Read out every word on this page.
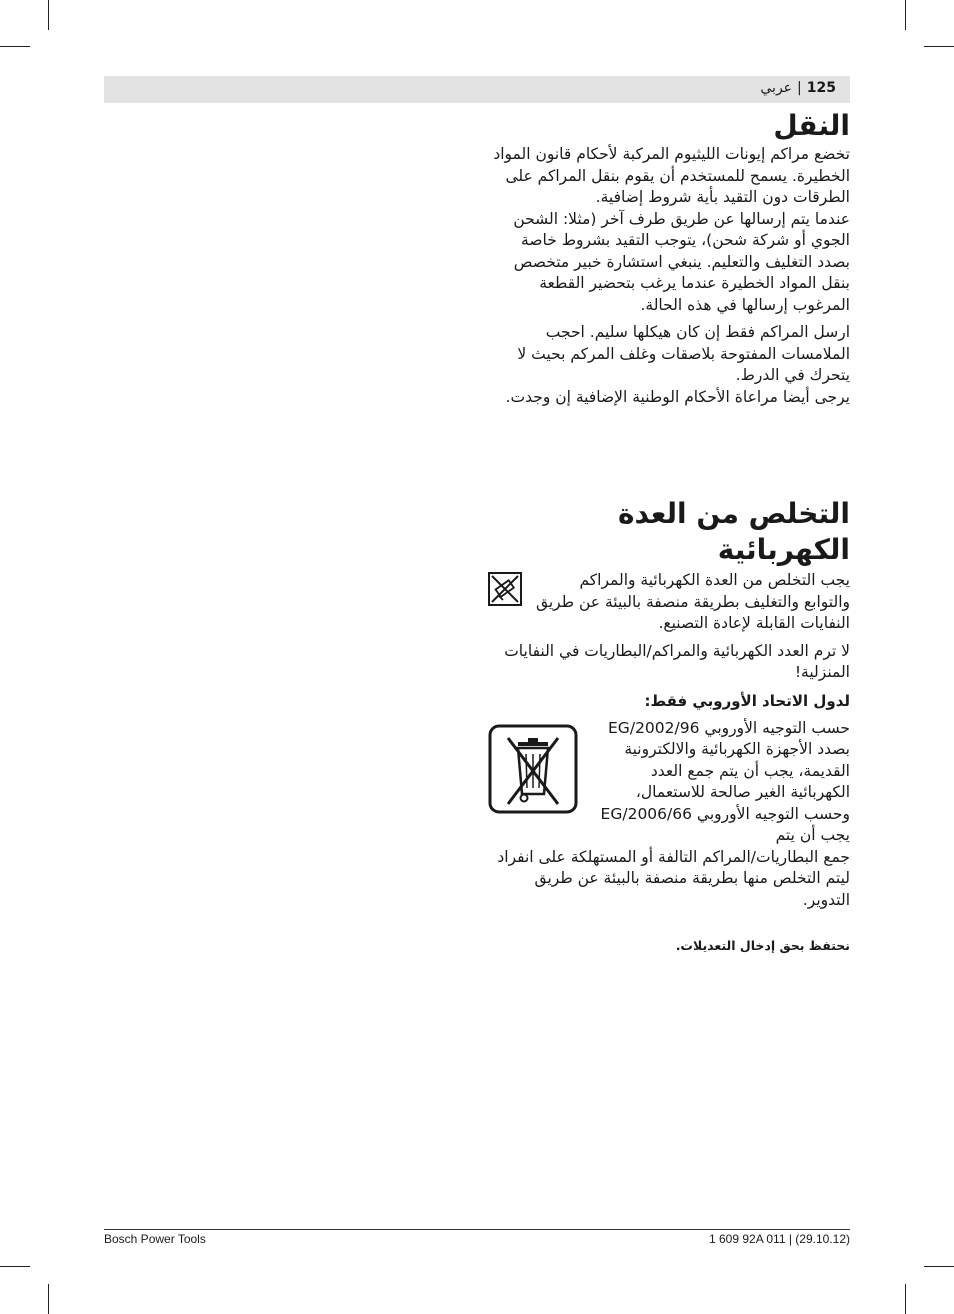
125|عربي
النقل

تخضع مراكم إيونات الليثيوم المركبة لأحكام قانون المواد الخطيرة. يسمح للمستخدم أن يقوم بنقل المراكم على الطرقات دون التقيد بأية شروط إضافية.

عندما يتم إرسالها عن طريق طرف آخر (مثلا: الشحن الجوي أو شركة شحن)، يتوجب التقيد بشروط خاصة بصدد التغليف والتعليم. ينبغي استشارة خبير متخصص بنقل المواد الخطيرة عندما يرغب بتحضير القطعة المرغوب إرسالها في هذه الحالة.

ارسل المراكم فقط إن كان هيكلها سليم. احجب الملامسات المفتوحة بلاصقات وغلف المركم بحيث لا يتحرك في الدرط.

يرجى أيضا مراعاة الأحكام الوطنية الإضافية إن وجدت.

التخلص من العدة الكهربائية

يجب التخلص من العدة الكهربائية والمراكم والتوابع والتغليف بطريقة منصفة بالبيئة عن طريق النفايات القابلة لإعادة التصنيع.

لا ترم العدد الكهربائية والمراكم/البطاريات في النفايات المنزلية!

لدول الاتحاد الأوروبي فقط:

حسب التوجيه الأوروبي 2002/96/EG بصدد الأجهزة الكهربائية والالكترونية القديمة، يجب أن يتم جمع العدد الكهربائية الغير صالحة للاستعمال، وحسب التوجيه الأوروبي 2006/66/EG يجب أن يتم

جمع البطاريات/المراكم التالفة أو المستهلكة على انفراد ليتم التخلص منها بطريقة منصفة بالبيئة عن طريق التدوير.

نحتفظ بحق إدخال التعديلات.

Bosch Power Tools	1 609 92A 011 | (29.10.12)
